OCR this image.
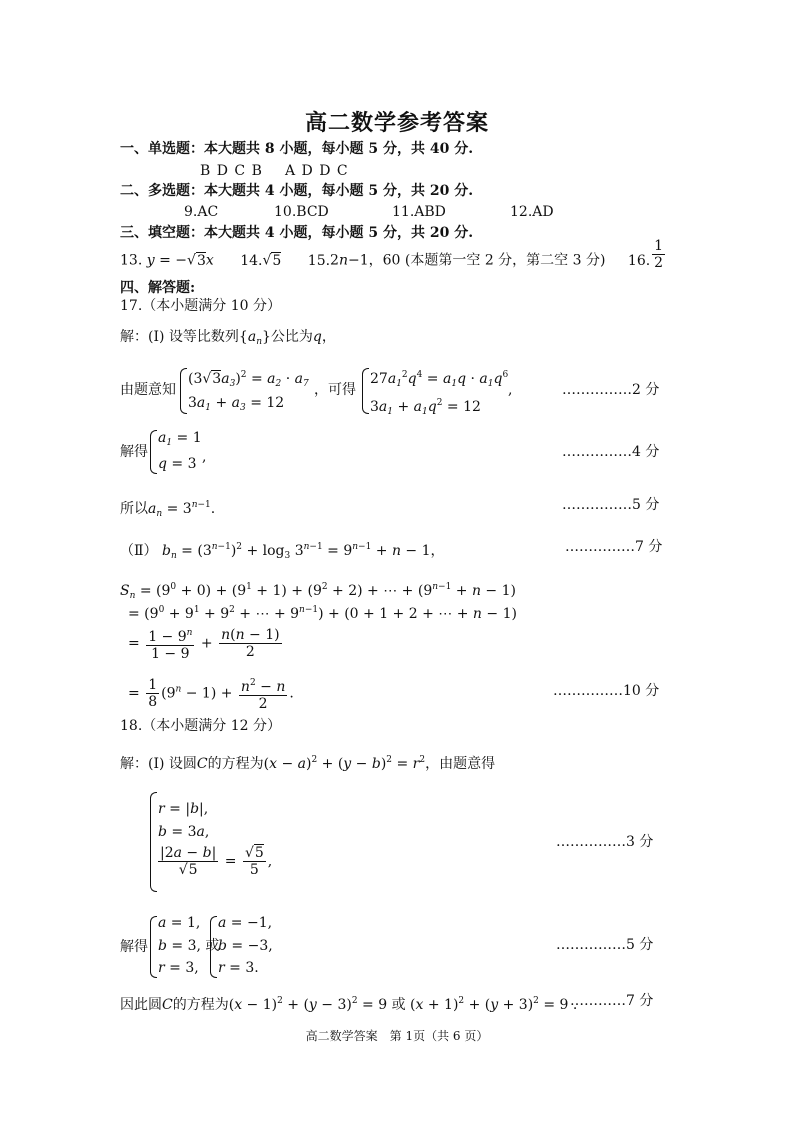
高二数学参考答案
一、单选题：本大题共 8 小题，每小题 5 分，共 40 分.
B D C B A D D C
二、多选题：本大题共 4 小题，每小题 5 分，共 20 分.
9.AC	10.BCD	11.ABD	12.AD
三、填空题：本大题共 4 小题，每小题 5 分，共 20 分.
13. y = −√3x 14.√5 15.2n−1，60 (本题第一空 2 分，第二空 3 分) 16. $\frac{1}{2}$
四、解答题:
17.（本小题满分 10 分）
解：(Ⅰ) 设等比数列$\{a_n\}$公比为q，
由题意知
$(3√3a_3)^2 = a_2 \cdot a_7$
$3a_1 + a_3 = 12$
，可得
$27a_1^2q^4 = a_1q \cdot a_1q^6$
$3a_1 + a_1q^2 = 12$
,	……………2 分
解得
$a_1 = 1$
q = 3 ,	……………4 分
所以$a_n = 3^{n-1}$.	……………5 分
（Ⅱ） $b_n = (3^{n-1})^2 + \log_3 3^{n-1} = 9^{n-1} + n - 1$，	……………7 分
$S_n = (9^0 + 0) + (9^1 + 1) + (9^2 + 2)$ + ⋯ + $(9^{n-1} + n - 1)$
= ($9^0 + 9^1 + 9^2$ + ⋯ + $9^{n-1}) + (0 + 1 + 2$ + ⋯ + n − 1)
= $\frac{1 - 9^n}{1 - 9} + \frac{n(n - 1)}{2}$
= $\frac{1}{8} (9^n - 1) + \frac{n^2 - n}{2}$ .	……………10 分
18.（本小题满分 12 分）
解：(Ⅰ) 设圆C的方程为$(x - a)^2 + (y - b)^2 = r^2$，由题意得
r = |b|,
b = 3a,
$\frac{|2a - b|}{√5} = \frac{√5}{5}$ ,
……………3 分
解得
a = 1,
b = 3, 或
r = 3,
a = −1,
b = −3,
r = 3.
……………5 分
因此圆C的方程为$(x - 1)^2 + (y - 3)^2 = 9$ 或 $(x + 1)^2 + (y + 3)^2 = 9$ .
…………7 分
高二数学答案　第 1页（共 6 页）
